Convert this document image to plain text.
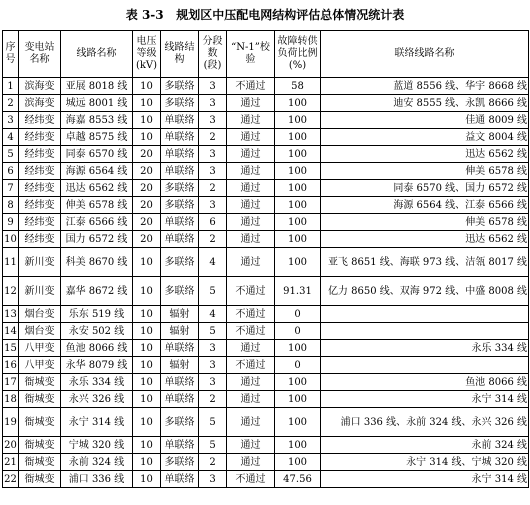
表 3-3 规划区中压配电网结构评估总体情况统计表
序号	变电站名称	线路名称	电压等级(kV)	线路结构	分段数(段)	“N-1”校验	故障转供负荷比例(%)	联络线路名称
1	滨海变	亚展 8018 线	10	多联络	3	不通过	58	蓝道 8556 线、华宇 8668 线
2	滨海变	城远 8001 线	10	多联络	3	通过	100	迪安 8555 线、永凯 8666 线
3	经纬变	海嘉 8553 线	10	单联络	3	通过	100	佳通 8009 线
4	经纬变	卓越 8575 线	10	单联络	2	通过	100	益文 8004 线
5	经纬变	同泰 6570 线	20	单联络	3	通过	100	迅达 6562 线
6	经纬变	海源 6564 线	20	单联络	3	通过	100	伸美 6578 线
7	经纬变	迅达 6562 线	20	多联络	2	通过	100	同泰 6570 线、国力 6572 线
8	经纬变	伸美 6578 线	20	多联络	3	通过	100	海源 6564 线、江泰 6566 线
9	经纬变	江泰 6566 线	20	单联络	6	通过	100	伸美 6578 线
10	经纬变	国力 6572 线	20	单联络	2	通过	100	迅达 6562 线
11	新川变	科美 8670 线	10	多联络	4	通过	100	亚飞 8651 线、海联 973 线、洁瓴 8017 线
12	新川变	嘉华 8672 线	10	多联络	5	不通过	91.31	亿力 8650 线、双海 972 线、中盛 8008 线
13	烟台变	乐东 519 线	10	辐射	4	不通过	0	
14	烟台变	永安 502 线	10	辐射	5	不通过	0	
15	八甲变	鱼池 8066 线	10	单联络	3	通过	100	永乐 334 线
16	八甲变	永华 8079 线	10	辐射	3	不通过	0	
17	衙城变	永乐 334 线	10	单联络	3	通过	100	鱼池 8066 线
18	衙城变	永兴 326 线	10	单联络	2	通过	100	永宁 314 线
19	衙城变	永宁 314 线	10	多联络	5	通过	100	浦口 336 线、永前 324 线、永兴 326 线
20	衙城变	宁城 320 线	10	单联络	5	通过	100	永前 324 线
21	衙城变	永前 324 线	10	多联络	2	通过	100	永宁 314 线、宁城 320 线
22	衙城变	浦口 336 线	10	单联络	3	不通过	47.56	永宁 314 线
